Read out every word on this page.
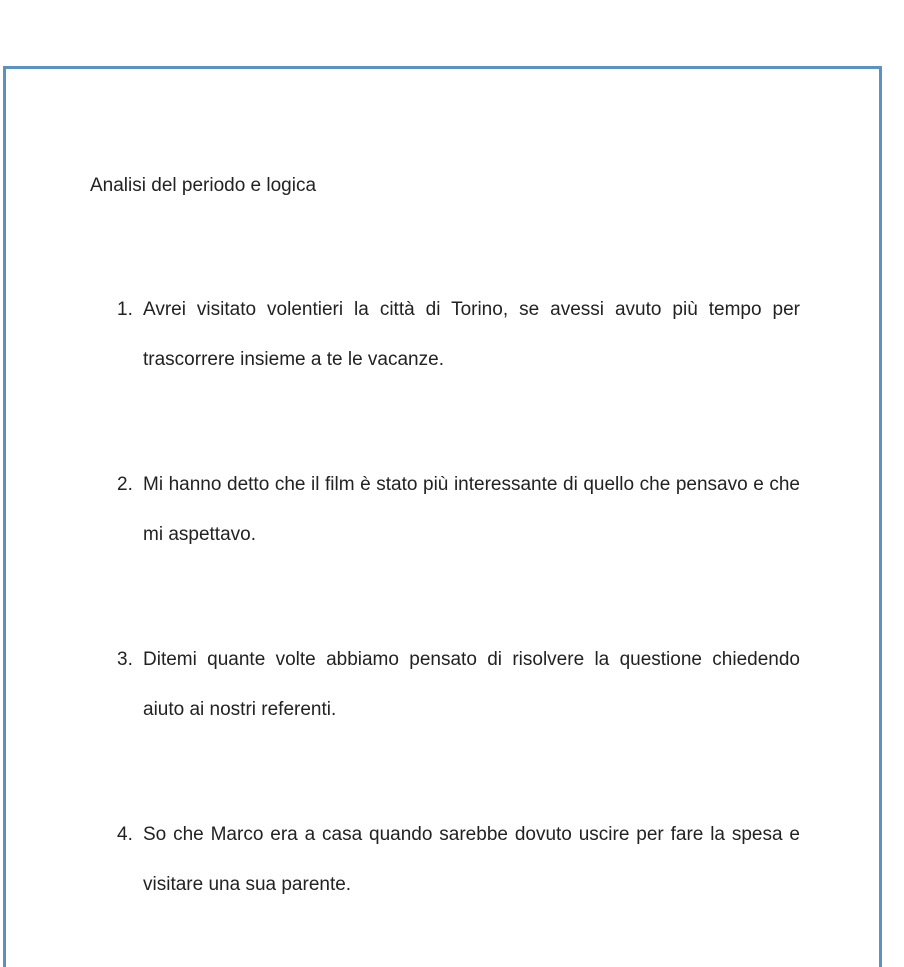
Analisi del periodo e logica
1. Avrei visitato volentieri la città di Torino, se avessi avuto più tempo per trascorrere insieme a te le vacanze.
2. Mi hanno detto che il film è stato più interessante di quello che pensavo e che mi aspettavo.
3. Ditemi quante volte abbiamo pensato di risolvere la questione chiedendo aiuto ai nostri referenti.
4. So che Marco era a casa quando sarebbe dovuto uscire per fare la spesa e visitare una sua parente.
